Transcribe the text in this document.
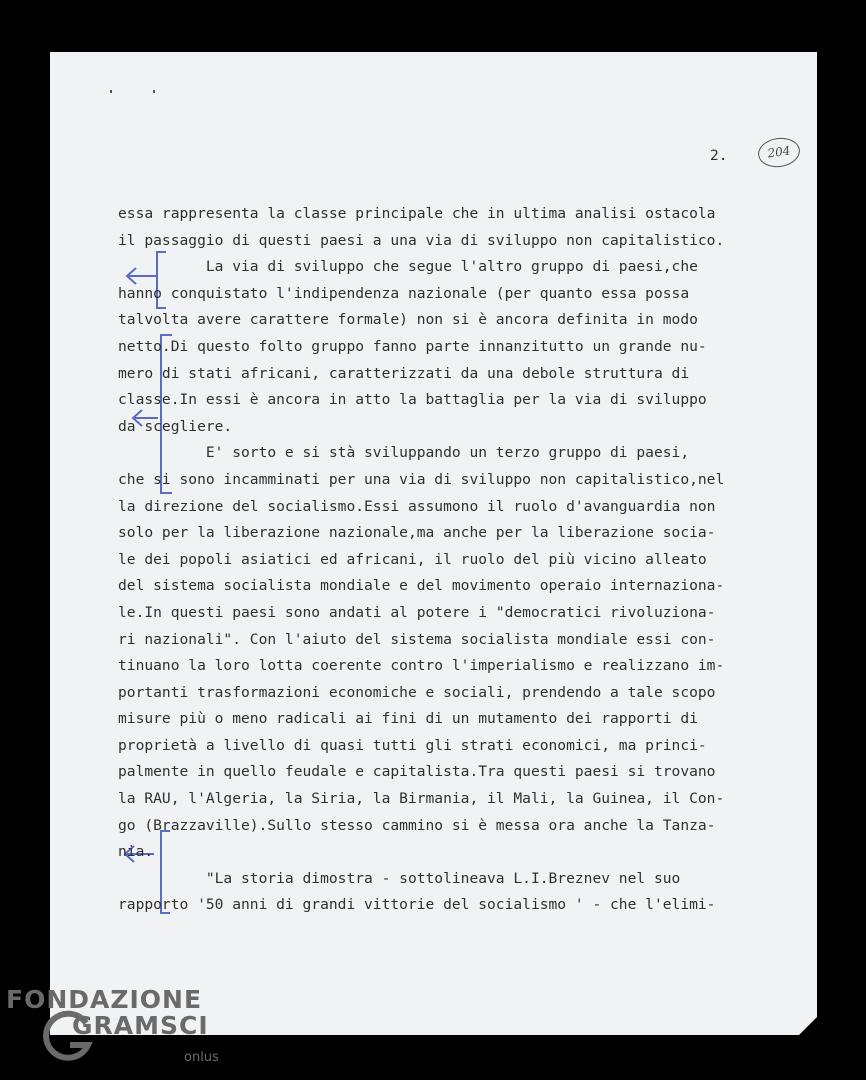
204
2.
essa rappresenta la classe principale che in ultima analisi ostacola
il passaggio di questi paesi a una via di sviluppo non capitalistico.
La via di sviluppo che segue l'altro gruppo di paesi,che
hanno conquistato l'indipendenza nazionale (per quanto essa possa
talvolta avere carattere formale) non si è ancora definita in modo
netto.Di questo folto gruppo fanno parte innanzitutto un grande nu-
mero di stati africani, caratterizzati da una debole struttura di
classe.In essi è ancora in atto la battaglia per la via di sviluppo
da scegliere.
E' sorto e si stà sviluppando un terzo gruppo di paesi,
che si sono incamminati per una via di sviluppo non capitalistico,nel
la direzione del socialismo.Essi assumono il ruolo d'avanguardia non
solo per la liberazione nazionale,ma anche per la liberazione socia-
le dei popoli asiatici ed africani, il ruolo del più vicino alleato
del sistema socialista mondiale e del movimento operaio internaziona-
le.In questi paesi sono andati al potere i "democratici rivoluziona-
ri nazionali". Con l'aiuto del sistema socialista mondiale essi con-
tinuano la loro lotta coerente contro l'imperialismo e realizzano im-
portanti trasformazioni economiche e sociali, prendendo a tale scopo
misure più o meno radicali ai fini di un mutamento dei rapporti di
proprietà a livello di quasi tutti gli strati economici, ma princi-
palmente in quello feudale e capitalista.Tra questi paesi si trovano
la RAU, l'Algeria, la Siria, la Birmania, il Mali, la Guinea, il Con-
go (Brazzaville).Sullo stesso cammino si è messa ora anche la Tanza-
nia.
"La storia dimostra - sottolineava L.I.Breznev nel suo
rapporto '50 anni di grandi vittorie del socialismo ' - che l'elimi-
FONDAZIONE
GRAMSCI
onlus
